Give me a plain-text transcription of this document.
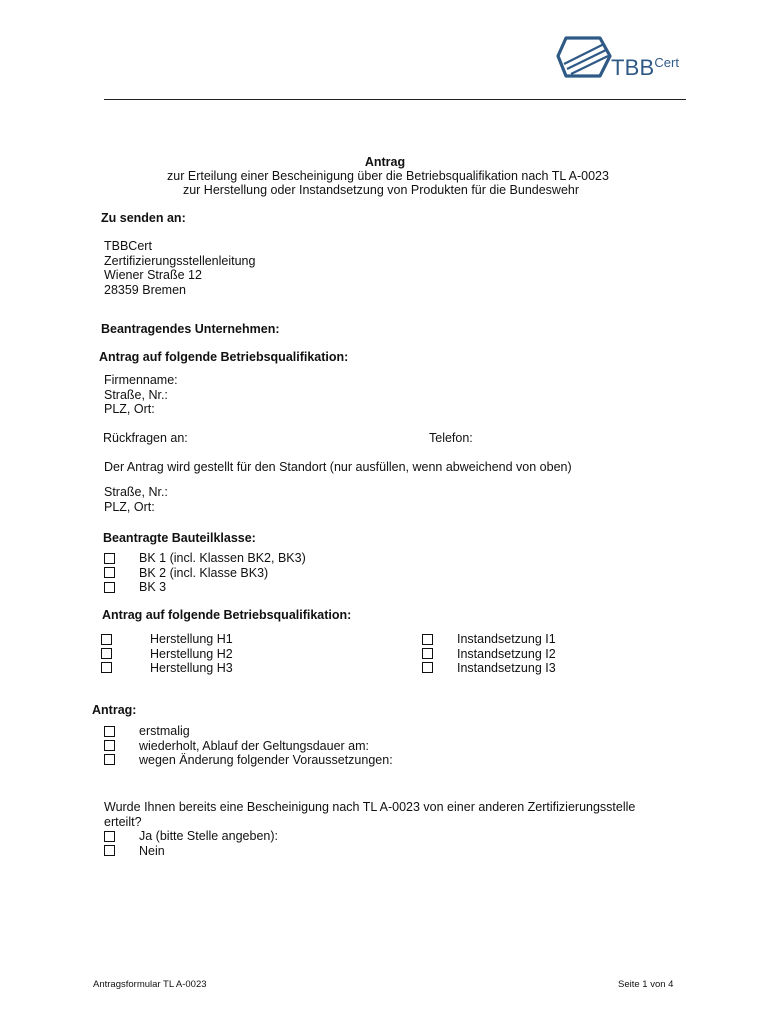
$TBB^{Cert}$
Antrag
zur Erteilung einer Bescheinigung über die Betriebsqualifikation nach TL A-0023
zur Herstellung oder Instandsetzung von Produkten für die Bundeswehr
Zu senden an:
TBBCert
Zertifizierungsstellenleitung
Wiener Straße 12
28359 Bremen
Beantragendes Unternehmen:
Antrag auf folgende Betriebsqualifikation:
Firmenname:
Straße, Nr.:
PLZ, Ort:
Rückfragen an:	Telefon:
Der Antrag wird gestellt für den Standort (nur ausfüllen, wenn abweichend von oben)
Straße, Nr.:
PLZ, Ort:
Beantragte Bauteilklasse:
BK 1 (incl. Klassen BK2, BK3)
BK 2 (incl. Klasse BK3)
BK 3
Antrag auf folgende Betriebsqualifikation:
Herstellung H1
Herstellung H2
Herstellung H3
Instandsetzung I1
Instandsetzung I2
Instandsetzung I3
Antrag:
erstmalig
wiederholt, Ablauf der Geltungsdauer am:
wegen Änderung folgender Voraussetzungen:
Wurde Ihnen bereits eine Bescheinigung nach TL A-0023 von einer anderen Zertifizierungsstelle
erteilt?
Ja (bitte Stelle angeben):
Nein
Antragsformular TL A-0023	Seite 1 von 4
